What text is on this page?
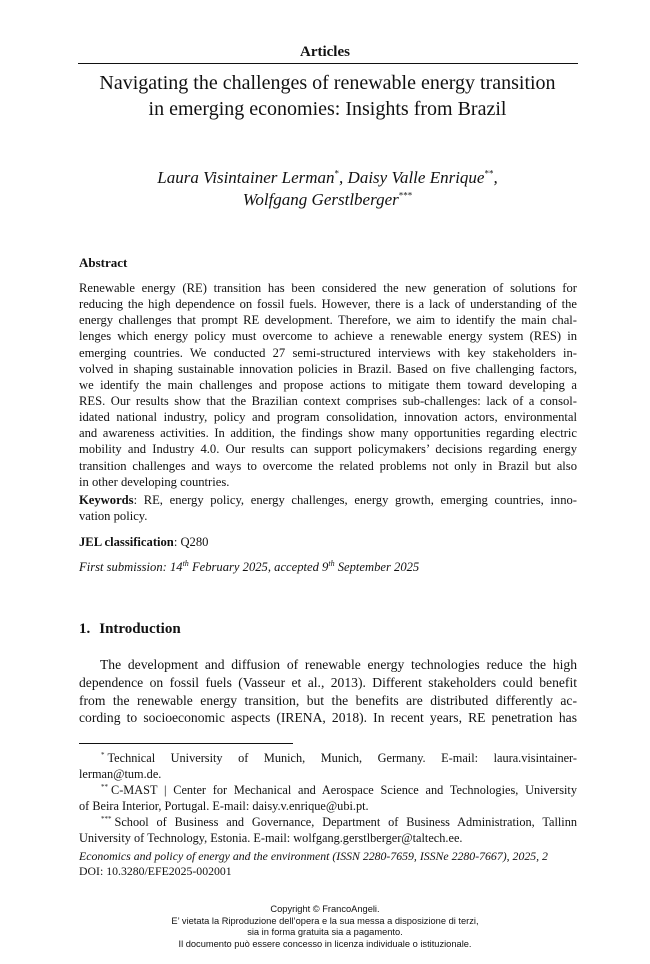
Articles
Navigating the challenges of renewable energy transition
in emerging economies: Insights from Brazil
Laura Visintainer Lerman*, Daisy Valle Enrique**,
Wolfgang Gerstlberger***
Abstract
Renewable energy (RE) transition has been considered the new generation of solutions for
reducing the high dependence on fossil fuels. However, there is a lack of understanding of the
energy challenges that prompt RE development. Therefore, we aim to identify the main chal-
lenges which energy policy must overcome to achieve a renewable energy system (RES) in
emerging countries. We conducted 27 semi-structured interviews with key stakeholders in-
volved in shaping sustainable innovation policies in Brazil. Based on five challenging factors,
we identify the main challenges and propose actions to mitigate them toward developing a
RES. Our results show that the Brazilian context comprises sub-challenges: lack of a consol-
idated national industry, policy and program consolidation, innovation actors, environmental
and awareness activities. In addition, the findings show many opportunities regarding electric
mobility and Industry 4.0. Our results can support policymakers’ decisions regarding energy
transition challenges and ways to overcome the related problems not only in Brazil but also
in other developing countries.
Keywords: RE, energy policy, energy challenges, energy growth, emerging countries, inno-
vation policy.
JEL classification: Q280
First submission: 14th February 2025, accepted 9th September 2025
1. Introduction
The development and diffusion of renewable energy technologies reduce the high
dependence on fossil fuels (Vasseur et al., 2013). Different stakeholders could benefit
from the renewable energy transition, but the benefits are distributed differently ac-
cording to socioeconomic aspects (IRENA, 2018). In recent years, RE penetration has
* Technical University of Munich, Munich, Germany. E-mail: laura.visintainer-
lerman@tum.de.
** C-MAST | Center for Mechanical and Aerospace Science and Technologies, University
of Beira Interior, Portugal. E-mail: daisy.v.enrique@ubi.pt.
*** School of Business and Governance, Department of Business Administration, Tallinn
University of Technology, Estonia. E-mail: wolfgang.gerstlberger@taltech.ee.
Economics and policy of energy and the environment (ISSN 2280-7659, ISSNe 2280-7667), 2025, 2
DOI: 10.3280/EFE2025-002001
Copyright © FrancoAngeli.
E’ vietata la Riproduzione dell’opera e la sua messa a disposizione di terzi,
sia in forma gratuita sia a pagamento.
Il documento può essere concesso in licenza individuale o istituzionale.
